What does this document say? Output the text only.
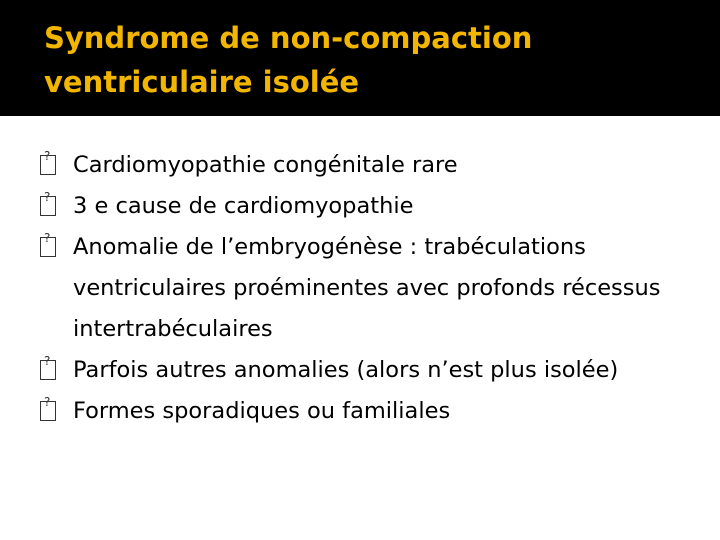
Syndrome de non-compaction ventriculaire isolée
?
Cardiomyopathie congénitale rare
?
3 e cause de cardiomyopathie
?
Anomalie de l’embryogénèse : trabéculations ventriculaires proéminentes avec profonds récessus intertrabéculaires
?
Parfois autres anomalies (alors n’est plus isolée)
?
Formes sporadiques ou familiales
